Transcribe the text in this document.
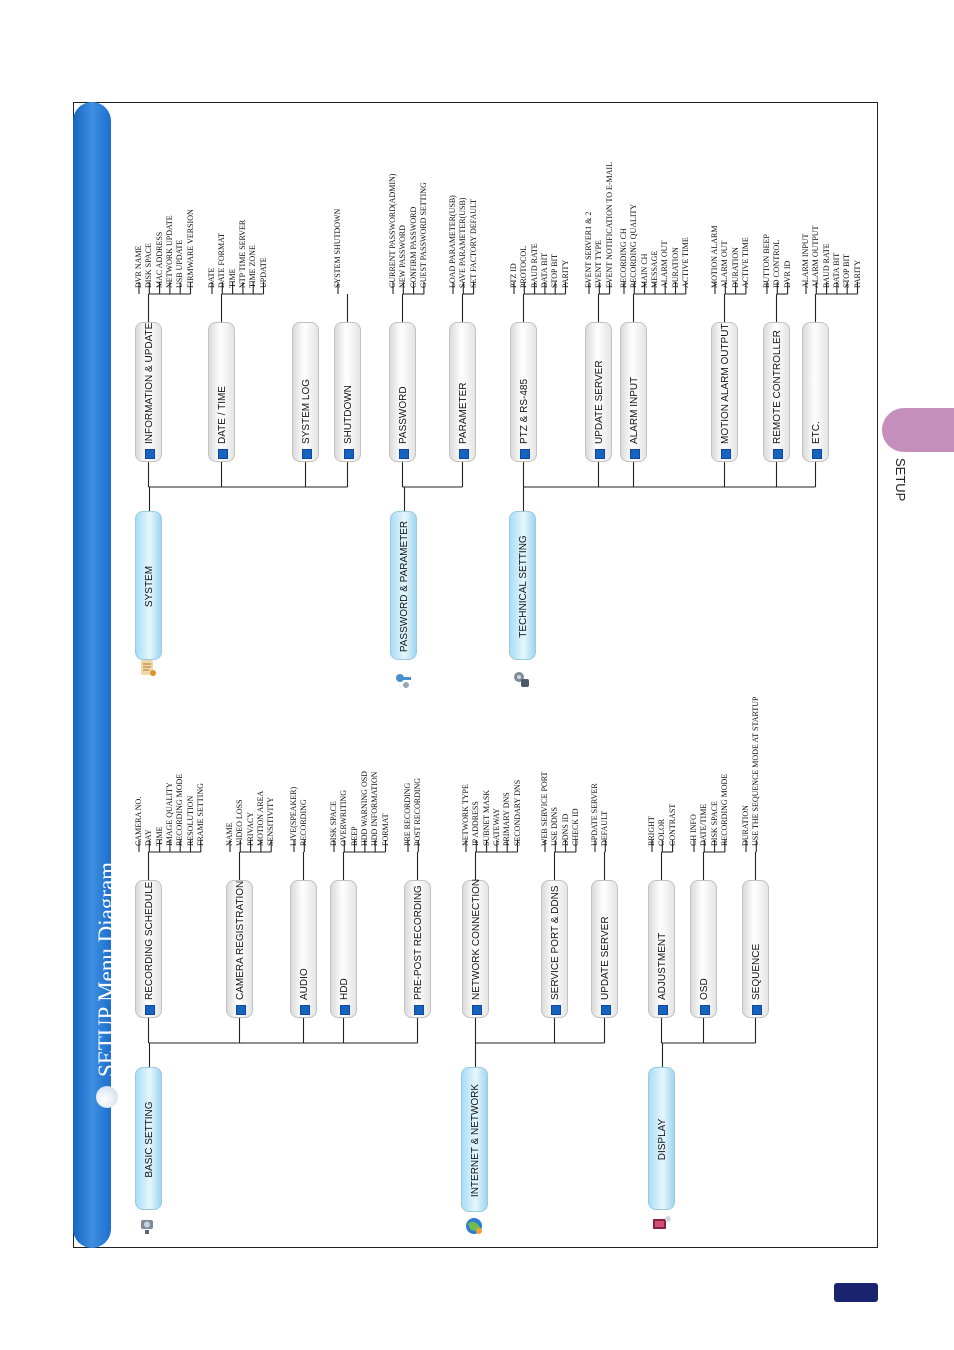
SETUP Menu Diagram
SETUP
BASIC SETTING	INTERNET & NETWORK	DISPLAY
SYSTEM	PASSWORD & PARAMETER	TECHNICAL SETTING
RECORDING SCHEDULE
CAMERA NO. DAY TIME IMAGE QUALITY RECORDING MODE RESOLUTION FRAME SETTING
CAMERA REGISTRATION
NAME VIDEO LOSS PRIVACY MOTION AREA SENSITIVITY
AUDIO
LIVE(SPEAKER) RECORDING
HDD
DISK SPACE OVERWRITING BEEP HDD WARNING OSD HDD INFORMATION FORMAT
PRE-POST RECORDING
PRE RECORDING POST RECORDING
NETWORK CONNECTION
NETWORK TYPE IP ADDRESS SUBNET MASK GATEWAY PRIMARY DNS SECONDARY DNS
SERVICE PORT & DDNS
WEB SERVICE PORT USE DDNS DDNS ID CHECK ID
UPDATE SERVER
UPDATE SERVER DEFAULT
ADJUSTMENT
BRIGHT COLOR CONTRAST
OSD
CH INFO DATE/TIME DISK SPACE RECORDING MODE
SEQUENCE
DURATION USE THE SEQUENCE MODE AT STARTUP
INFORMATION & UPDATE
DVR NAME DISK SPACE MAC ADDRESS NETWORK UPDATE USB UPDATE FIRMWARE VERSION
DATE / TIME
DATE DATE FORMAT TIME NTP TIME SERVER TIME ZONE UPDATE
SYSTEM LOG	SHUTDOWN
SYSTEM SHUTDOWN
PASSWORD
CURRENT PASSWORD(ADMIN) NEW PASSWORD CONFIRM PASSWORD GUEST PASSWORD SETTING
PARAMETER
LOAD PARAMETER(USB) SAVE PARAMETER(USB) SET FACTORY DEFAULT
PTZ & RS-485
PTZ ID PROTOCOL BAUD RATE DATA BIT STOP BIT PARITY
UPDATE SERVER
EVENT SERVER1 & 2 EVENT TYPE EVENT NOTIFICATION TO E-MAIL
ALARM INPUT
RECORDING CH RECORDING QUALITY MAIN CH MESSAGE ALARM OUT DURATION ACTIVE TIME
MOTION ALARM OUTPUT
MOTION ALARM ALARM OUT DURATION ACTIVE TIME
REMOTE CONTROLLER
BUTTON BEEP ID CONTROL DVR ID
ETC.
ALARM INPUT ALARM OUTPUT BAUD RATE DATA BIT STOP BIT PARITY
